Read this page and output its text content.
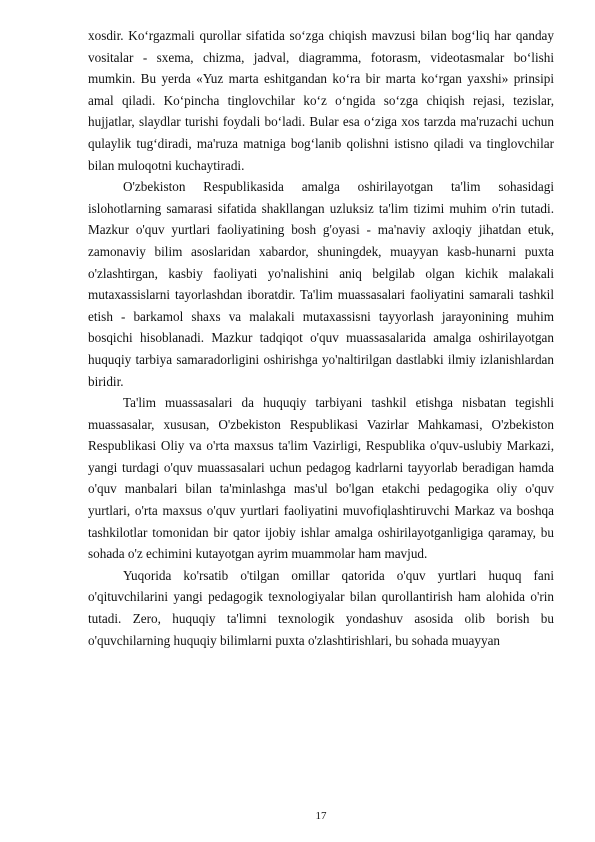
xosdir. Ko‘rgazmali qurollar sifatida so‘zga chiqish mavzusi bilan bog‘liq har qanday vositalar - sxema, chizma, jadval, diagramma, fotorasm, videotasmalar bo‘lishi mumkin. Bu yerda «Yuz marta eshitgandan ko‘ra bir marta ko‘rgan yaxshi» prinsipi amal qiladi. Ko‘pincha tinglovchilar ko‘z o‘ngida so‘zga chiqish rejasi, tezislar, hujjatlar, slaydlar turishi foydali bo‘ladi. Bular esa o‘ziga xos tarzda ma'ruzachi uchun qulaylik tug‘diradi, ma'ruza matniga bog‘lanib qolishni istisno qiladi va tinglovchilar bilan muloqotni kuchaytiradi.

O'zbekiston Respublikasida amalga oshirilayotgan ta'lim sohasidagi islohotlarning samarasi sifatida shakllangan uzluksiz ta'lim tizimi muhim o'rin tutadi. Mazkur o'quv yurtlari faoliyatining bosh g'oyasi - ma'naviy axloqiy jihatdan etuk, zamonaviy bilim asoslaridan xabardor, shuningdek, muayyan kasb-hunarni puxta o'zlashtirgan, kasbiy faoliyati yo'nalishini aniq belgilab olgan kichik malakali mutaxassislarni tayorlashdan iboratdir. Ta'lim muassasalari faoliyatini samarali tashkil etish - barkamol shaxs va malakali mutaxassisni tayyorlash jarayonining muhim bosqichi hisoblanadi. Mazkur tadqiqot o'quv muassasalarida amalga oshirilayotgan huquqiy tarbiya samaradorligini oshirishga yo'naltirilgan dastlabki ilmiy izlanishlardan biridir.

Ta'lim muassasalari da huquqiy tarbiyani tashkil etishga nisbatan tegishli muassasalar, xususan, O'zbekiston Respublikasi Vazirlar Mahkamasi, O'zbekiston Respublikasi Oliy va o'rta maxsus ta'lim Vazirligi, Respublika o'quv-uslubiy Markazi, yangi turdagi o'quv muassasalari uchun pedagog kadrlarni tayyorlab beradigan hamda o'quv manbalari bilan ta'minlashga mas'ul bo'lgan etakchi pedagogika oliy o'quv yurtlari, o'rta maxsus o'quv yurtlari faoliyatini muvofiqlashtiruvchi Markaz va boshqa tashkilotlar tomonidan bir qator ijobiy ishlar amalga oshirilayotganligiga qaramay, bu sohada o'z echimini kutayotgan ayrim muammolar ham mavjud.

Yuqorida ko'rsatib o'tilgan omillar qatorida o'quv yurtlari huquq fani o'qituvchilarini yangi pedagogik texnologiyalar bilan qurollantirish ham alohida o'rin tutadi. Zero, huquqiy ta'limni texnologik yondashuv asosida olib borish bu o'quvchilarning huquqiy bilimlarni puxta o'zlashtirishlari, bu sohada muayyan

17
